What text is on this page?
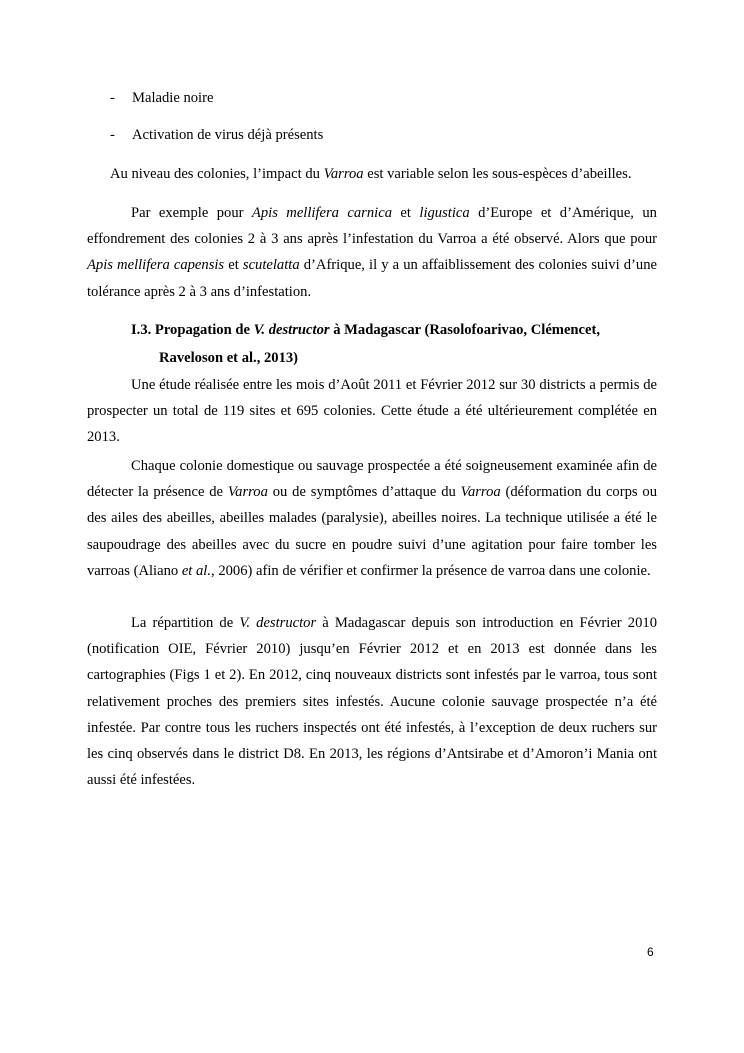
- Maladie noire
- Activation de virus déjà présents

Au niveau des colonies, l’impact du Varroa est variable selon les sous-espèces d’abeilles.

Par exemple pour Apis mellifera carnica et ligustica d’Europe et d’Amérique, un effondrement des colonies 2 à 3 ans après l’infestation du Varroa a été observé. Alors que pour Apis mellifera capensis et scutelatta d’Afrique, il y a un affaiblissement des colonies suivi d’une tolérance après 2 à 3 ans d’infestation.

I.3. Propagation de V. destructor à Madagascar (Rasolofoarivao, Clémencet,
Raveloson et al., 2013)

Une étude réalisée entre les mois d’Août 2011 et Février 2012 sur 30 districts a permis de prospecter un total de 119 sites et 695 colonies. Cette étude a été ultérieurement complétée en 2013.

Chaque colonie domestique ou sauvage prospectée a été soigneusement examinée afin de détecter la présence de Varroa ou de symptômes d’attaque du Varroa (déformation du corps ou des ailes des abeilles, abeilles malades (paralysie), abeilles noires. La technique utilisée a été le saupoudrage des abeilles avec du sucre en poudre suivi d’une agitation pour faire tomber les varroas (Aliano et al., 2006) afin de vérifier et confirmer la présence de varroa dans une colonie.

La répartition de V. destructor à Madagascar depuis son introduction en Février 2010 (notification OIE, Février 2010) jusqu’en Février 2012 et en 2013 est donnée dans les cartographies (Figs 1 et 2). En 2012, cinq nouveaux districts sont infestés par le varroa, tous sont relativement proches des premiers sites infestés. Aucune colonie sauvage prospectée n’a été infestée. Par contre tous les ruchers inspectés ont été infestés, à l’exception de deux ruchers sur les cinq observés dans le district D8. En 2013, les régions d’Antsirabe et d’Amoron’i Mania ont aussi été infestées.

6
